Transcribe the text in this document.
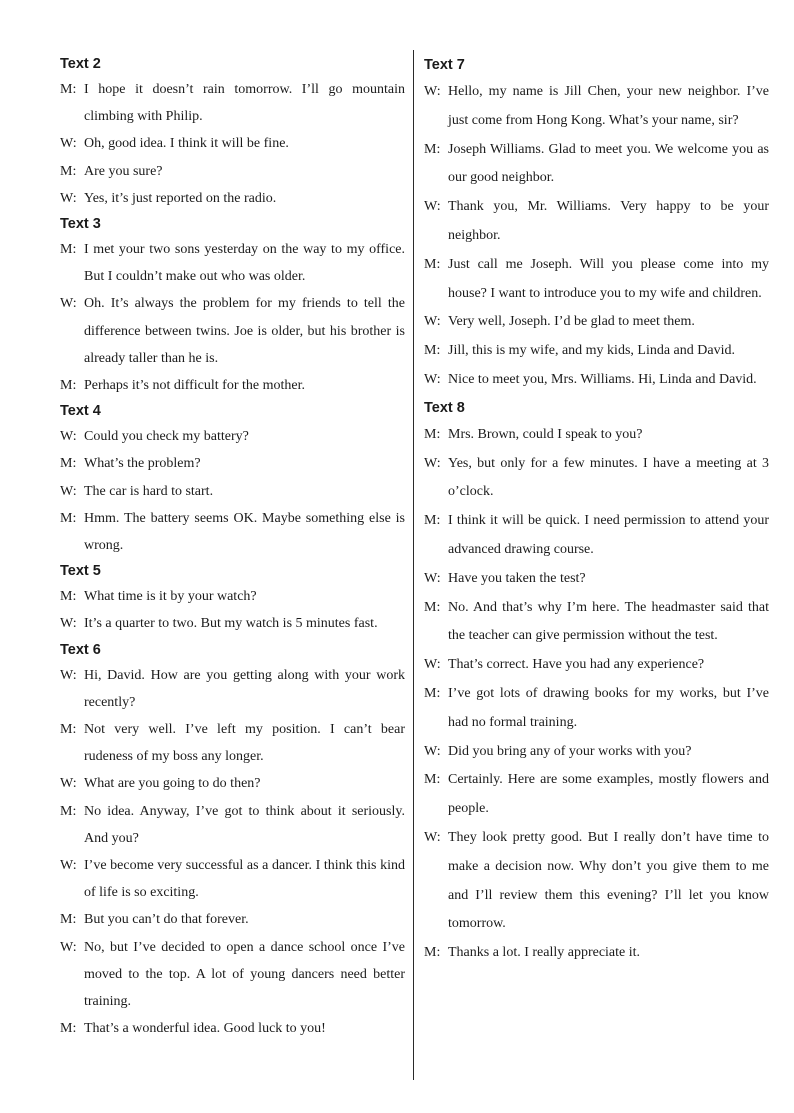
Text 2
M: I hope it doesn’t rain tomorrow. I’ll go mountain climbing with Philip.
W: Oh, good idea. I think it will be fine.
M: Are you sure?
W: Yes, it’s just reported on the radio.
Text 3
M: I met your two sons yesterday on the way to my office. But I couldn’t make out who was older.
W: Oh. It’s always the problem for my friends to tell the difference between twins. Joe is older, but his brother is already taller than he is.
M: Perhaps it’s not difficult for the mother.
Text 4
W: Could you check my battery?
M: What’s the problem?
W: The car is hard to start.
M: Hmm. The battery seems OK. Maybe something else is wrong.
Text 5
M: What time is it by your watch?
W: It’s a quarter to two. But my watch is 5 minutes fast.
Text 6
W: Hi, David. How are you getting along with your work recently?
M: Not very well. I’ve left my position. I can’t bear rudeness of my boss any longer.
W: What are you going to do then?
M: No idea. Anyway, I’ve got to think about it seriously. And you?
W: I’ve become very successful as a dancer. I think this kind of life is so exciting.
M: But you can’t do that forever.
W: No, but I’ve decided to open a dance school once I’ve moved to the top. A lot of young dancers need better training.
M: That’s a wonderful idea. Good luck to you!
Text 7
W: Hello, my name is Jill Chen, your new neighbor. I’ve just come from Hong Kong. What’s your name, sir?
M: Joseph Williams. Glad to meet you. We welcome you as our good neighbor.
W: Thank you, Mr. Williams. Very happy to be your neighbor.
M: Just call me Joseph. Will you please come into my house? I want to introduce you to my wife and children.
W: Very well, Joseph. I’d be glad to meet them.
M: Jill, this is my wife, and my kids, Linda and David.
W: Nice to meet you, Mrs. Williams. Hi, Linda and David.
Text 8
M: Mrs. Brown, could I speak to you?
W: Yes, but only for a few minutes. I have a meeting at 3 o’clock.
M: I think it will be quick. I need permission to attend your advanced drawing course.
W: Have you taken the test?
M: No. And that’s why I’m here. The headmaster said that the teacher can give permission without the test.
W: That’s correct. Have you had any experience?
M: I’ve got lots of drawing books for my works, but I’ve had no formal training.
W: Did you bring any of your works with you?
M: Certainly. Here are some examples, mostly flowers and people.
W: They look pretty good. But I really don’t have time to make a decision now. Why don’t you give them to me and I’ll review them this evening? I’ll let you know tomorrow.
M: Thanks a lot. I really appreciate it.
